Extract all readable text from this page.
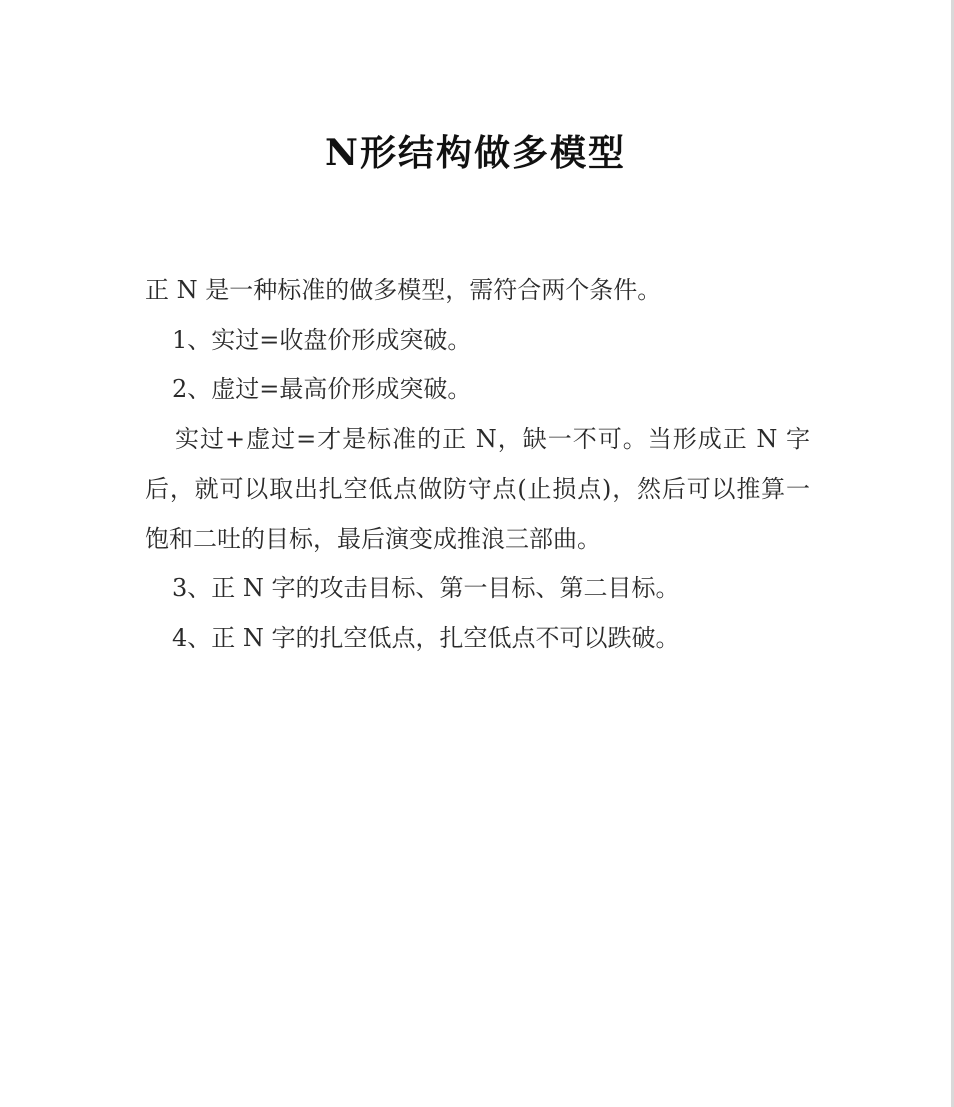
N形结构做多模型
正 N 是一种标准的做多模型，需符合两个条件。
1、实过=收盘价形成突破。
2、虚过=最高价形成突破。
实过+虚过=才是标准的正 N，缺一不可。当形成正 N 字后，就可以取出扎空低点做防守点(止损点)，然后可以推算一饱和二吐的目标，最后演变成推浪三部曲。
3、正 N 字的攻击目标、第一目标、第二目标。
4、正 N 字的扎空低点，扎空低点不可以跌破。
